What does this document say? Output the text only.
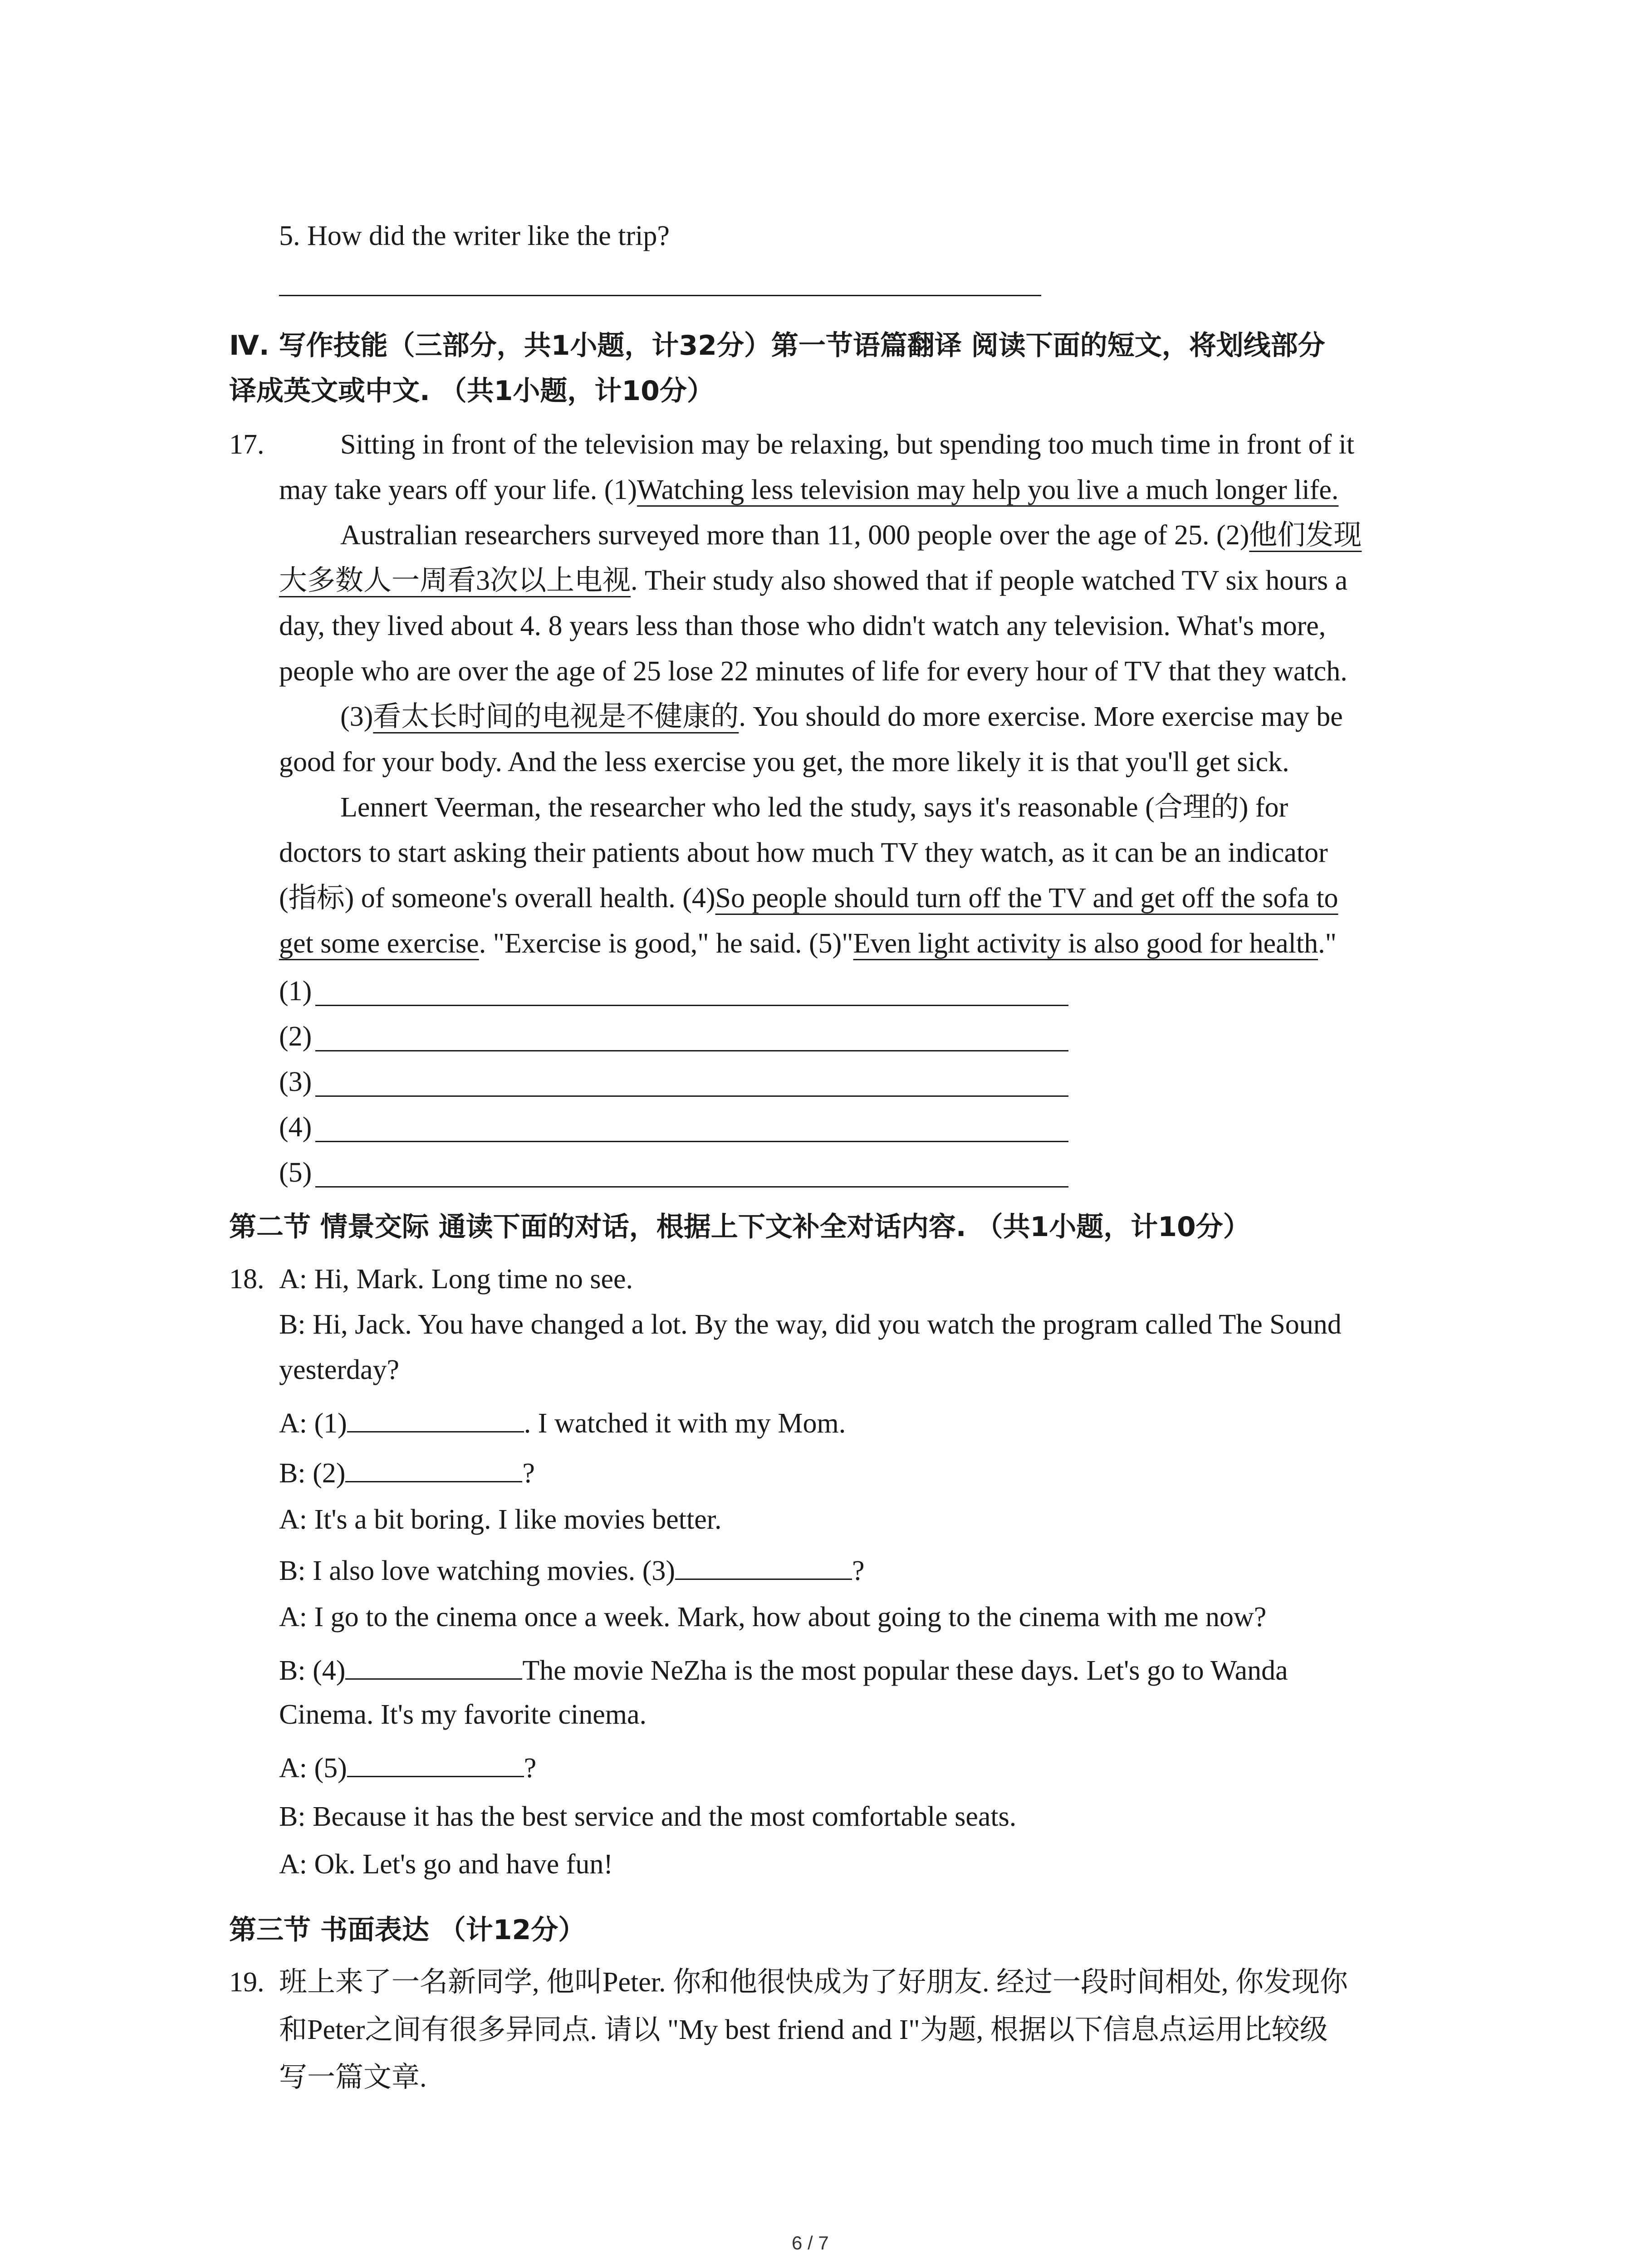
5. How did the writer like the trip?
Ⅳ. 写作技能（三部分，共1小题，计32分）第一节语篇翻译 阅读下面的短文，将划线部分
译成英文或中文. （共1小题，计10分）
17.	Sitting in front of the television may be relaxing, but spending too much time in front of it
may take years off your life. (1)Watching less television may help you live a much longer life.
Australian researchers surveyed more than 11, 000 people over the age of 25. (2)他们发现
大多数人一周看3次以上电视. Their study also showed that if people watched TV six hours a
day, they lived about 4. 8 years less than those who didn't watch any television. What's more,
people who are over the age of 25 lose 22 minutes of life for every hour of TV that they watch.
(3)看太长时间的电视是不健康的. You should do more exercise. More exercise may be
good for your body. And the less exercise you get, the more likely it is that you'll get sick.
Lennert Veerman, the researcher who led the study, says it's reasonable (合理的) for
doctors to start asking their patients about how much TV they watch, as it can be an indicator
(指标) of someone's overall health. (4)So people should turn off the TV and get off the sofa to
get some exercise. "Exercise is good," he said. (5)"Even light activity is also good for health."
(1)
(2)
(3)
(4)
(5)
第二节 情景交际 通读下面的对话，根据上下文补全对话内容. （共1小题，计10分）
18. A: Hi, Mark. Long time no see.
B: Hi, Jack. You have changed a lot. By the way, did you watch the program called The Sound
yesterday?
A: (1)	. I watched it with my Mom.
B: (2)	?
A: It's a bit boring. I like movies better.
B: I also love watching movies. (3)	?
A: I go to the cinema once a week. Mark, how about going to the cinema with me now?
B: (4)	The movie NeZha is the most popular these days. Let's go to Wanda
Cinema. It's my favorite cinema.
A: (5)	?
B: Because it has the best service and the most comfortable seats.
A: Ok. Let's go and have fun!
第三节 书面表达 （计12分）
19. 班上来了一名新同学, 他叫Peter. 你和他很快成为了好朋友. 经过一段时间相处, 你发现你
和Peter之间有很多异同点. 请以 "My best friend and I"为题, 根据以下信息点运用比较级
写一篇文章.
6 / 7
